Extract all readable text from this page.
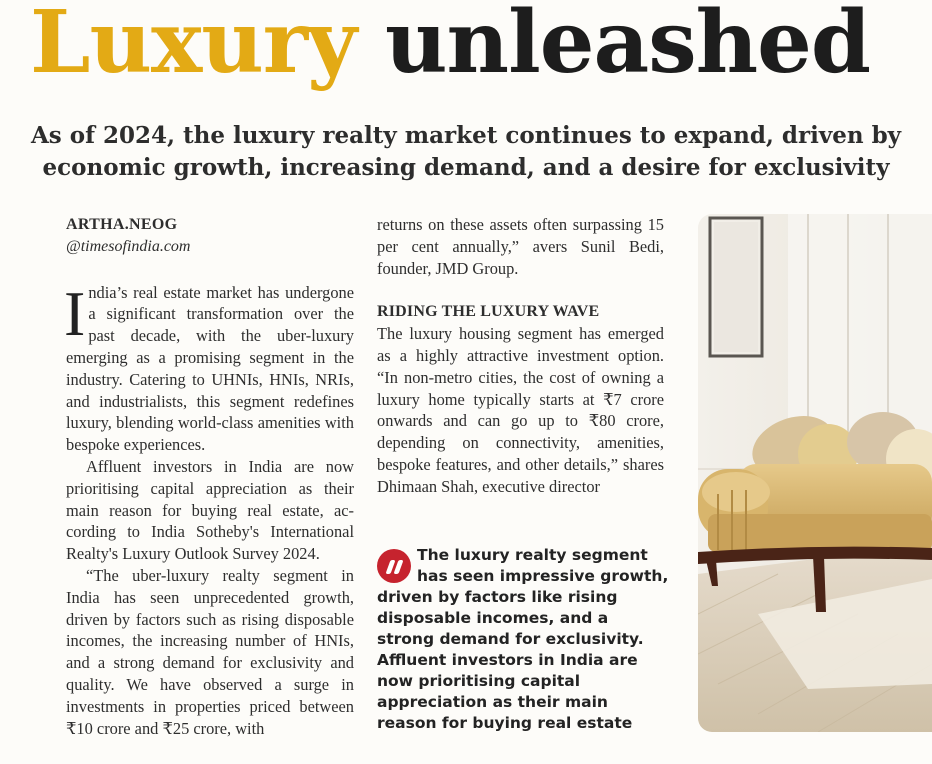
Luxury unleashed
As of 2024, the luxury realty market continues to expand, driven by
economic growth, increasing demand, and a desire for exclusivity
ARTHA.NEOG
@timesofindia.com

India’s real estate market has undergone a significant transformation over the past decade, with the uber-luxury emerging as a promising segment in the industry. Catering to UHNIs, HNIs, NRIs, and industrialists, this segment redefines luxury, blending world-class amenities with bespoke experiences.

Affluent investors in India are now prioritising capital appreciation as their main reason for buying real estate, according to India Sotheby's International Realty's Luxury Outlook Survey 2024.

“The uber-luxury realty segment in India has seen unprecedented growth, driven by factors such as rising disposable incomes, the increasing number of HNIs, and a strong demand for exclusivity and quality. We have observed a surge in investments in properties priced between ₹10 crore and ₹25 crore, with

returns on these assets often surpassing 15 per cent annually,” avers Sunil Bedi, founder, JMD Group.

RIDING THE LUXURY WAVE

The luxury housing segment has emerged as a highly attractive investment option. “In non-metro cities, the cost of owning a luxury home typically starts at ₹7 crore onwards and can go up to ₹80 crore, depending on connectivity, amenities, bespoke features, and other details,” shares Dhimaan Shah, executive director

The luxury realty segment has seen impressive growth, driven by factors like rising disposable incomes, and a strong demand for exclusivity. Affluent investors in India are now prioritising capital appreciation as their main reason for buying real estate
